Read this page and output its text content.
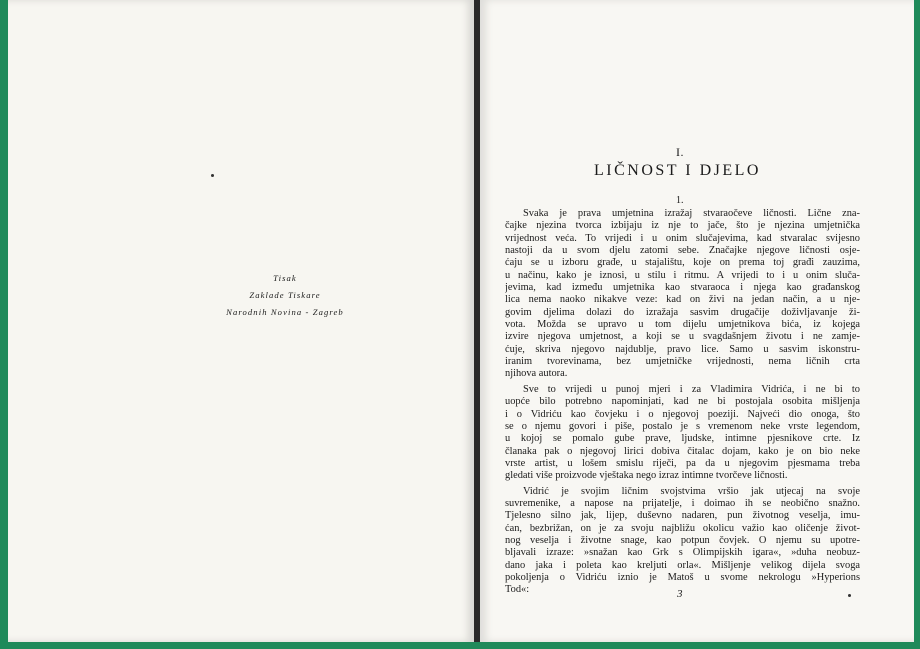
Tisak
Zaklade Tiskare
Narodnih Novina - Zagreb
I.
LIČNOST I DJELO
1.
Svaka je prava umjetnina izražaj stvaraočeve ličnosti. Lične zna-
čajke njezina tvorca izbijaju iz nje to jače, što je njezina umjetnička
vrijednost veća. To vrijedi i u onim slučajevima, kad stvaralac svijesno
nastoji da u svom djelu zatomi sebe. Značajke njegove ličnosti osje-
ćaju se u izboru građe, u stajalištu, koje on prema toj građi zauzima,
u načinu, kako je iznosi, u stilu i ritmu. A vrijedi to i u onim sluča-
jevima, kad između umjetnika kao stvaraoca i njega kao građanskog
lica nema naoko nikakve veze: kad on živi na jedan način, a u nje-
govim djelima dolazi do izražaja sasvim drugačije doživljavanje ži-
vota. Možda se upravo u tom dijelu umjetnikova bića, iz kojega
izvire njegova umjetnost, a koji se u svagdašnjem životu i ne zamje-
ćuje, skriva njegovo najdublje, pravo lice. Samo u sasvim iskonstru-
iranim tvorevinama, bez umjetničke vrijednosti, nema ličnih crta
njihova autora.
Sve to vrijedi u punoj mjeri i za Vladimira Vidrića, i ne bi to
uopće bilo potrebno napominjati, kad ne bi postojala osobita mišljenja
i o Vidriću kao čovjeku i o njegovoj poeziji. Najveći dio onoga, što
se o njemu govori i piše, postalo je s vremenom neke vrste legendom,
u kojoj se pomalo gube prave, ljudske, intimne pjesnikove crte. Iz
članaka pak o njegovoj lirici dobiva čitalac dojam, kako je on bio neke
vrste artist, u lošem smislu riječi, pa da u njegovim pjesmama treba
gledati više proizvode vještaka nego izraz intimne tvorčeve ličnosti.
Vidrić je svojim ličnim svojstvima vršio jak utjecaj na svoje
suvremenike, a napose na prijatelje, i doimao ih se neobično snažno.
Tjelesno silno jak, lijep, duševno nadaren, pun životnog veselja, imu-
ćan, bezbrižan, on je za svoju najbližu okolicu važio kao oličenje život-
nog veselja i životne snage, kao potpun čovjek. O njemu su upotre-
bljavali izraze: »snažan kao Grk s Olimpijskih igara«, »duha neobuz-
dano jaka i poleta kao kreljuti orla«. Mišljenje velikog dijela svoga
pokoljenja o Vidriću iznio je Matoš u svome nekrologu »Hyperions
Tod«:	3
